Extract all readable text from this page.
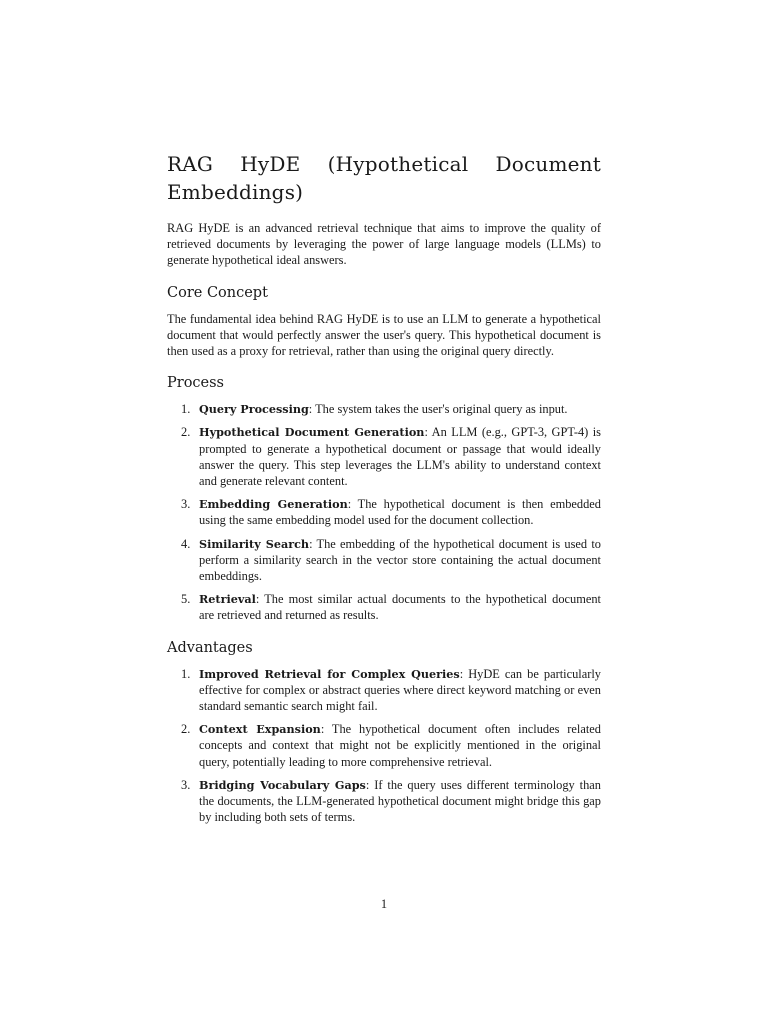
RAG HyDE (Hypothetical Document Embeddings)

RAG HyDE is an advanced retrieval technique that aims to improve the quality of retrieved documents by leveraging the power of large language models (LLMs) to generate hypothetical ideal answers.

Core Concept

The fundamental idea behind RAG HyDE is to use an LLM to generate a hypothetical document that would perfectly answer the user's query. This hypothetical document is then used as a proxy for retrieval, rather than using the original query directly.

Process
1. Query Processing: The system takes the user's original query as input.
2. Hypothetical Document Generation: An LLM (e.g., GPT-3, GPT-4) is prompted to generate a hypothetical document or passage that would ideally answer the query. This step leverages the LLM's ability to understand context and generate relevant content.
3. Embedding Generation: The hypothetical document is then embedded using the same embedding model used for the document collection.
4. Similarity Search: The embedding of the hypothetical document is used to perform a similarity search in the vector store containing the actual document embeddings.
5. Retrieval: The most similar actual documents to the hypothetical document are retrieved and returned as results.
Advantages
1. Improved Retrieval for Complex Queries: HyDE can be particularly effective for complex or abstract queries where direct keyword matching or even standard semantic search might fail.
2. Context Expansion: The hypothetical document often includes related concepts and context that might not be explicitly mentioned in the original query, potentially leading to more comprehensive retrieval.
3. Bridging Vocabulary Gaps: If the query uses different terminology than the documents, the LLM-generated hypothetical document might bridge this gap by including both sets of terms.
1
